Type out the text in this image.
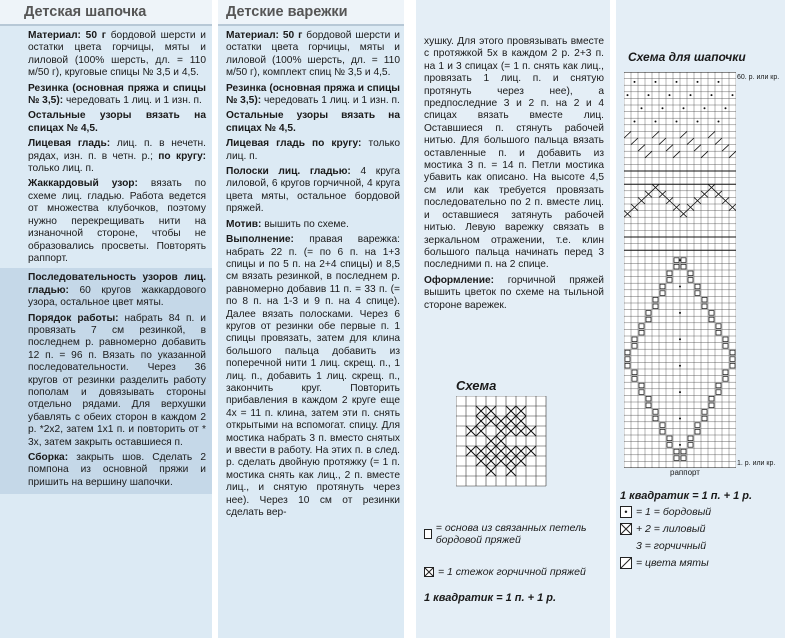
Детская шапочка

Материал: 50 г бордовой шерсти и остатки цвета горчицы, мяты и лиловой (100% шерсть, дл. = 110 м/50 г), круговые спицы № 3,5 и 4,5.

Резинка (основная пряжа и спицы № 3,5): чередовать 1 лиц. и 1 изн. п.

Остальные узоры вязать на спицах № 4,5.

Лицевая гладь: лиц. п. в нечетн. рядах, изн. п. в четн. р.; по кругу: только лиц. п.

Жаккардовый узор: вязать по схеме лиц. гладью. Работа ведется от множества клубочков, поэтому нужно перекрещивать нити на изнаночной стороне, чтобы не образовались просветы. Повторять раппорт.

Последовательность узоров лиц. гладью: 60 кругов жаккардового узора, остальное цвет мяты.

Порядок работы: набрать 84 п. и провязать 7 см резинкой, в последнем р. равномерно добавить 12 п. = 96 п. Вязать по указанной последовательности. Через 36 кругов от резинки разделить работу пополам и довязывать стороны отдельно рядами. Для верхушки убавлять с обеих сторон в каждом 2 р. *2х2, затем 1х1 п. и повторить от * 3х, затем закрыть оставшиеся п.

Сборка: закрыть шов. Сделать 2 помпона из основной пряжи и пришить на вершину шапочки.

Детские варежки

Материал: 50 г бордовой шерсти и остатки цвета горчицы, мяты и лиловой (100% шерсть, дл. = 110 м/50 г), комплект спиц № 3,5 и 4,5.

Резинка (основная пряжа и спицы № 3,5): чередовать 1 лиц. и 1 изн. п.

Остальные узоры вязать на спицах № 4,5.

Лицевая гладь по кругу: только лиц. п.

Полоски лиц. гладью: 4 круга лиловой, 6 кругов горчичной, 4 круга цвета мяты, остальное бордовой пряжей.

Мотив: вышить по схеме.

Выполнение: правая варежка: набрать 22 п. (= по 6 п. на 1+3 спицы и по 5 п. на 2+4 спицы) и 8,5 см вязать резинкой, в последнем р. равномерно добавив 11 п. = 33 п. (= по 8 п. на 1-3 и 9 п. на 4 спице). Далее вязать полосками. Через 6 кругов от резинки обе первые п. 1 спицы провязать, затем для клина большого пальца добавить из поперечной нити 1 лиц. скрещ. п., 1 лиц. п., добавить 1 лиц. скрещ. п., закончить круг. Повторить прибавления в каждом 2 круге еще 4х = 11 п. клина, затем эти п. снять открытыми на вспомогат. спицу. Для мостика набрать 3 п. вместо снятых и ввести в работу. На этих п. в след. р. сделать двойную протяжку (= 1 п. мостика снять как лиц., 2 п. вместе лиц., и снятую протянуть через нее). Через 10 см от резинки сделать вер-

хушку. Для этого провязывать вместе с протяжкой 5х в каждом 2 р. 2+3 п. на 1 и 3 спицах (= 1 п. снять как лиц., провязать 1 лиц. п. и снятую протянуть через нее), а предпоследние 3 и 2 п. на 2 и 4 спицах вязать вместе лиц. Оставшиеся п. стянуть рабочей нитью. Для большого пальца вязать оставленные п. и добавить из мостика 3 п. = 14 п. Петли мостика убавить как описано. На высоте 4,5 см или как требуется провязать последовательно по 2 п. вместе лиц. и оставшиеся затянуть рабочей нитью. Левую варежку связать в зеркальном отражении, т.е. клин большого пальца начинать перед 3 последними п. на 2 спице.

Оформление: горчичной пряжей вышить цветок по схеме на тыльной стороне варежек.

Схема
= основа из связанных петель бордовой пряжей
= 1 стежок горчичной пряжей
1 квадратик = 1 п. + 1 р.
Схема для шапочки
60. р. или кр.
1. р. или кр.
раппорт
1 квадратик = 1 п. + 1 р.
• = 1 = бордовый
+ 2 = лиловый
3 = горчичный
= цвета мяты
